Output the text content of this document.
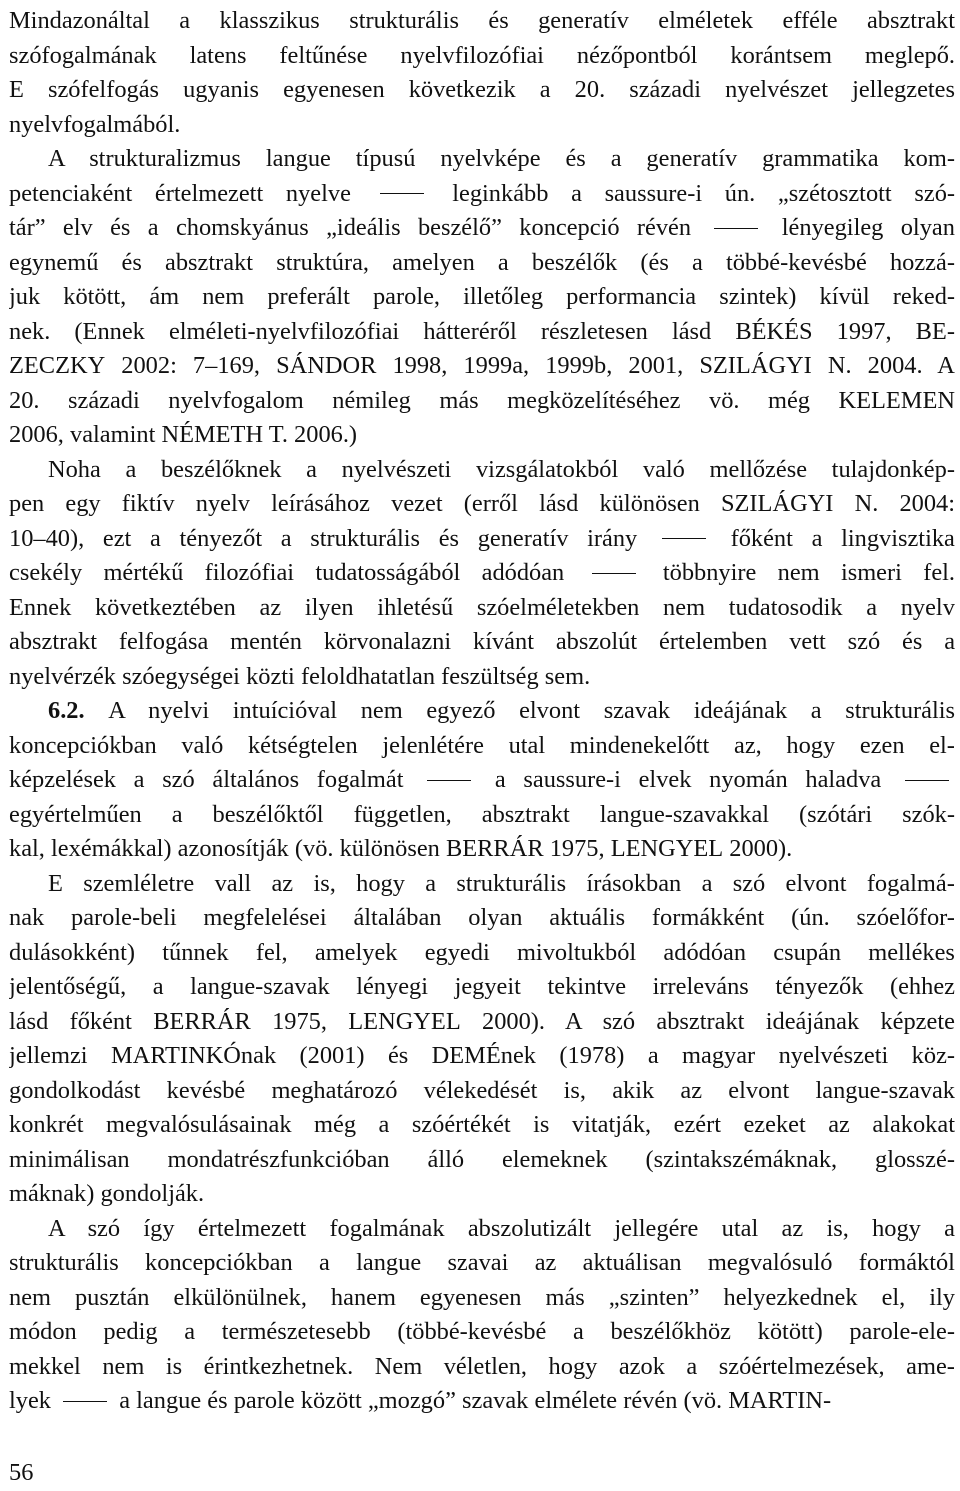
Mindazonáltal a klasszikus strukturális és generatív elméletek efféle absztrakt
szófogalmának latens feltűnése nyelvfilozófiai nézőpontból korántsem meglepő.
E szófelfogás ugyanis egyenesen következik a 20. századi nyelvészet jellegzetes
nyelvfogalmából.
A strukturalizmus langue típusú nyelvképe és a generatív grammatika kom-
petenciaként értelmezett nyelve	leginkább a saussure-i ún. „szétosztott szó-
tár” elv és a chomskyánus „ideális beszélő” koncepció révén	lényegileg olyan
egynemű és absztrakt struktúra, amelyen a beszélők (és a többé-kevésbé hozzá-
juk kötött, ám nem preferált parole, illetőleg performancia szintek) kívül reked-
nek. (Ennek elméleti-nyelvfilozófiai hátteréről részletesen lásd BÉKÉS 1997, BE-
ZECZKY 2002: 7–169, SÁNDOR 1998, 1999a, 1999b, 2001, SZILÁGYI N. 2004. A
20. századi nyelvfogalom némileg más megközelítéséhez vö. még KELEMEN
2006, valamint NÉMETH T. 2006.)
Noha a beszélőknek a nyelvészeti vizsgálatokból való mellőzése tulajdonkép-
pen egy fiktív nyelv leírásához vezet (erről lásd különösen SZILÁGYI N. 2004:
10–40), ezt a tényezőt a strukturális és generatív irány	főként a lingvisztika
csekély mértékű filozófiai tudatosságából adódóan	többnyire nem ismeri fel.
Ennek következtében az ilyen ihletésű szóelméletekben nem tudatosodik a nyelv
absztrakt felfogása mentén körvonalazni kívánt abszolút értelemben vett szó és a
nyelvérzék szóegységei közti feloldhatatlan feszültség sem.
6.2. A nyelvi intuícióval nem egyező elvont szavak ideájának a strukturális
koncepciókban való kétségtelen jelenlétére utal mindenekelőtt az, hogy ezen el-
képzelések a szó általános fogalmát	a saussure-i elvek nyomán haladva
egyértelműen a beszélőktől független, absztrakt langue-szavakkal (szótári szók-
kal, lexémákkal) azonosítják (vö. különösen BERRÁR 1975, LENGYEL 2000).
E szemléletre vall az is, hogy a strukturális írásokban a szó elvont fogalmá-
nak parole-beli megfelelései általában olyan aktuális formákként (ún. szóelőfor-
dulásokként) tűnnek fel, amelyek egyedi mivoltukból adódóan csupán mellékes
jelentőségű, a langue-szavak lényegi jegyeit tekintve irreleváns tényezők (ehhez
lásd főként BERRÁR 1975, LENGYEL 2000). A szó absztrakt ideájának képzete
jellemzi MARTINKÓnak (2001) és DEMÉnek (1978) a magyar nyelvészeti köz-
gondolkodást kevésbé meghatározó vélekedését is, akik az elvont langue-szavak
konkrét megvalósulásainak még a szóértékét is vitatják, ezért ezeket az alakokat
minimálisan mondatrészfunkcióban álló elemeknek (szintakszémáknak, glosszé-
máknak) gondolják.
A szó így értelmezett fogalmának abszolutizált jellegére utal az is, hogy a
strukturális koncepciókban a langue szavai az aktuálisan megvalósuló formáktól
nem pusztán elkülönülnek, hanem egyenesen más „szinten” helyezkednek el, ily
módon pedig a természetesebb (többé-kevésbé a beszélőkhöz kötött) parole-ele-
mekkel nem is érintkezhetnek. Nem véletlen, hogy azok a szóértelmezések, ame-
lyek	a langue és parole között „mozgó” szavak elmélete révén (vö. MARTIN-
56
